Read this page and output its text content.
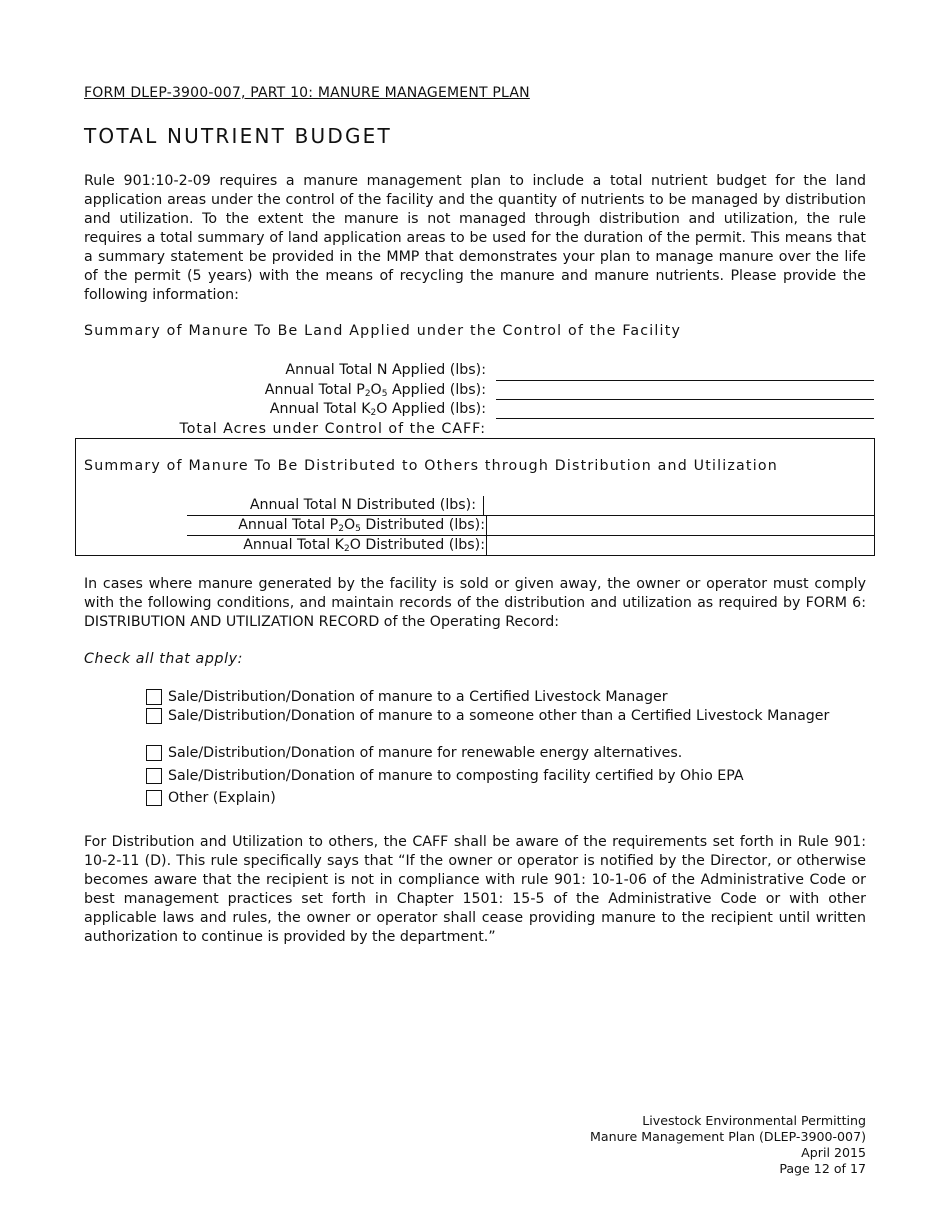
FORM DLEP-3900-007, PART 10: MANURE MANAGEMENT PLAN
TOTAL NUTRIENT BUDGET
Rule 901:10-2-09 requires a manure management plan to include a total nutrient budget for the land application areas under the control of the facility and the quantity of nutrients to be managed by distribution and utilization. To the extent the manure is not managed through distribution and utilization, the rule requires a total summary of land application areas to be used for the duration of the permit. This means that a summary statement be provided in the MMP that demonstrates your plan to manage manure over the life of the permit (5 years) with the means of recycling the manure and manure nutrients. Please provide the following information:
Summary of Manure To Be Land Applied under the Control of the Facility
Annual Total N Applied (lbs):
Annual Total $P_2O_5$ Applied (lbs):
Annual Total $K_2O$ Applied (lbs):
Total Acres under Control of the CAFF:
Summary of Manure To Be Distributed to Others through Distribution and Utilization
Annual Total N Distributed (lbs):
Annual Total $P_2O_5$ Distributed (lbs):
Annual Total $K_2O$ Distributed (lbs):
In cases where manure generated by the facility is sold or given away, the owner or operator must comply with the following conditions, and maintain records of the distribution and utilization as required by FORM 6: DISTRIBUTION AND UTILIZATION RECORD of the Operating Record:
Check all that apply:
Sale/Distribution/Donation of manure to a Certified Livestock Manager
Sale/Distribution/Donation of manure to a someone other than a Certified Livestock Manager
Sale/Distribution/Donation of manure for renewable energy alternatives.
Sale/Distribution/Donation of manure to composting facility certified by Ohio EPA
Other (Explain)
For Distribution and Utilization to others, the CAFF shall be aware of the requirements set forth in Rule 901: 10-2-11 (D). This rule specifically says that “If the owner or operator is notified by the Director, or otherwise becomes aware that the recipient is not in compliance with rule 901: 10-1-06 of the Administrative Code or best management practices set forth in Chapter 1501: 15-5 of the Administrative Code or with other applicable laws and rules, the owner or operator shall cease providing manure to the recipient until written authorization to continue is provided by the department.”
Livestock Environmental Permitting
Manure Management Plan (DLEP-3900-007)
April 2015
Page 12 of 17
